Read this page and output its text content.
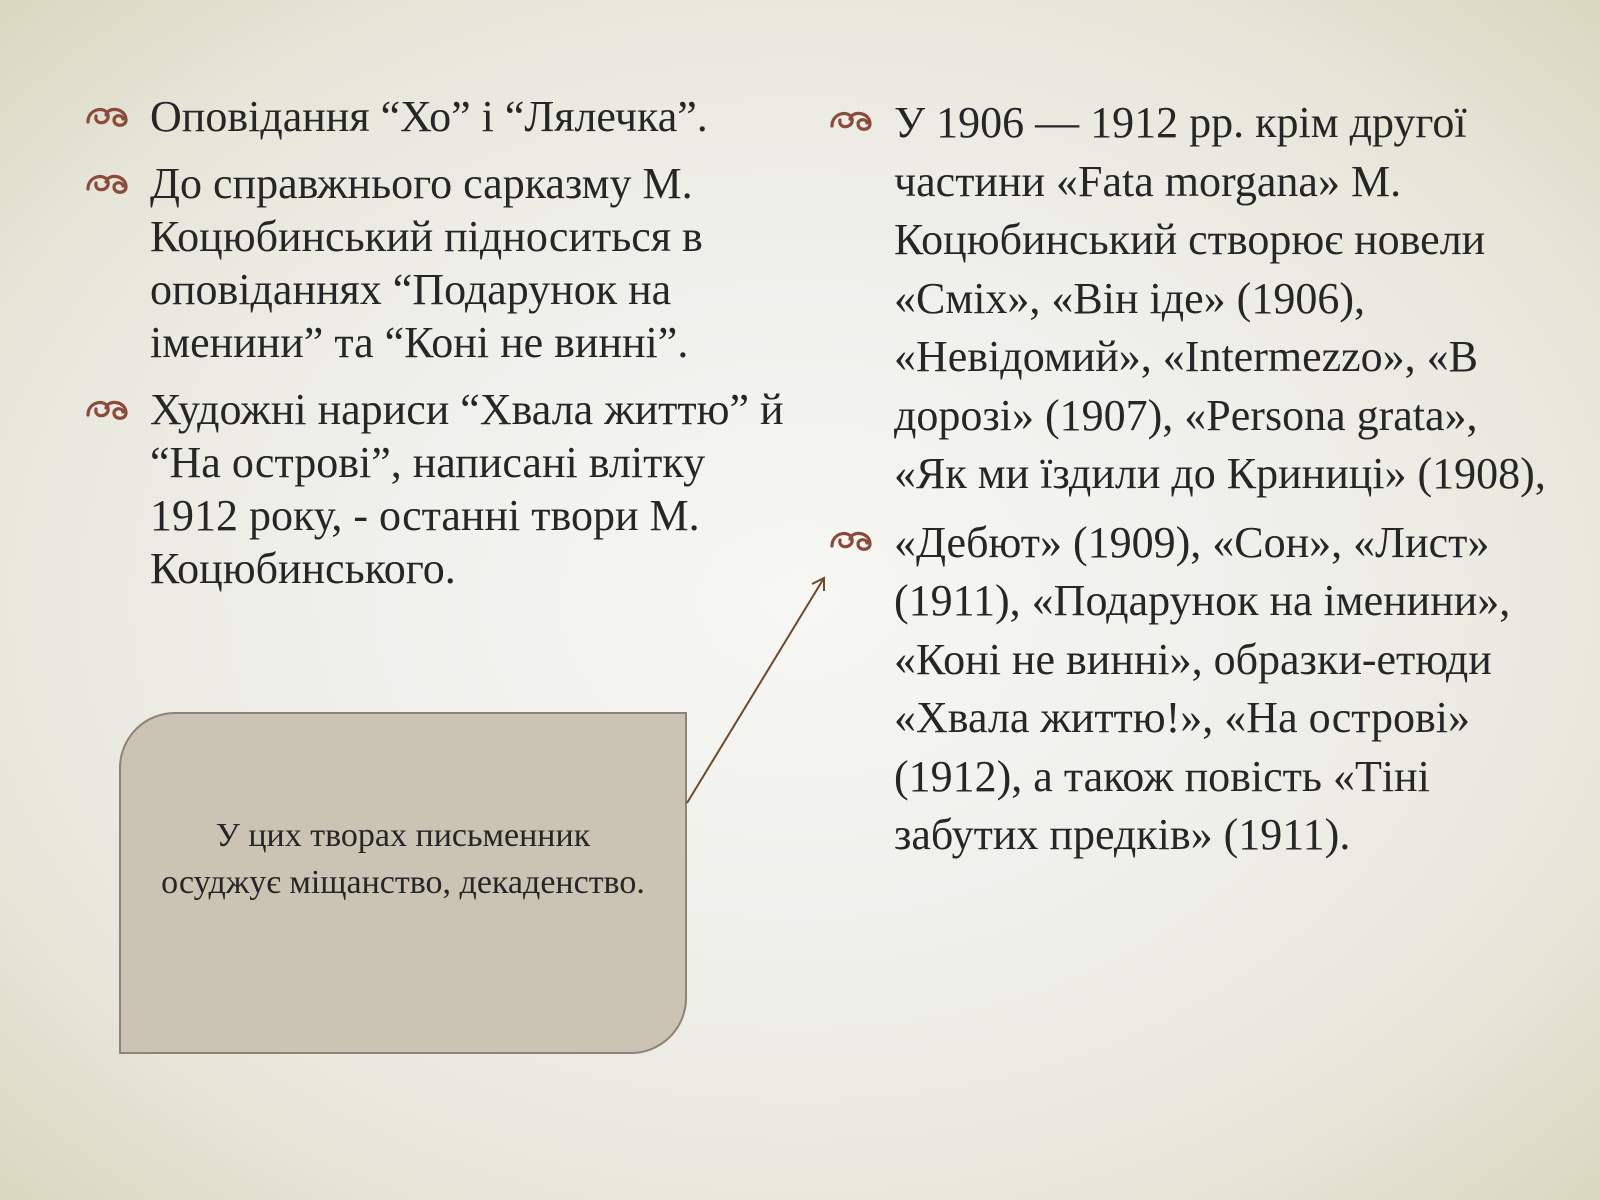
Оповідання “Хо” і “Лялечка”.
До справжнього сарказму М. Коцюбинський підноситься в оповіданнях “Подарунок на іменини” та “Коні не винні”.
Художні нариси “Хвала життю” й “На острові”, написані влітку 1912 року, - останні твори М. Коцюбинського.
У 1906 — 1912 рр. крім другої частини «Fata morgana» М. Коцюбинський створює новели «Сміх», «Він іде» (1906), «Невідомий», «Intermezzo», «В дорозі» (1907), «Persona grata», «Як ми їздили до Криниці» (1908),
«Дебют» (1909), «Сон», «Лист» (1911), «Подарунок на іменини», «Коні не винні», образки-етюди «Хвала життю!», «На острові» (1912), а також повість «Тіні забутих предків» (1911).
У цих творах письменник осуджує міщанство, декаденство.
